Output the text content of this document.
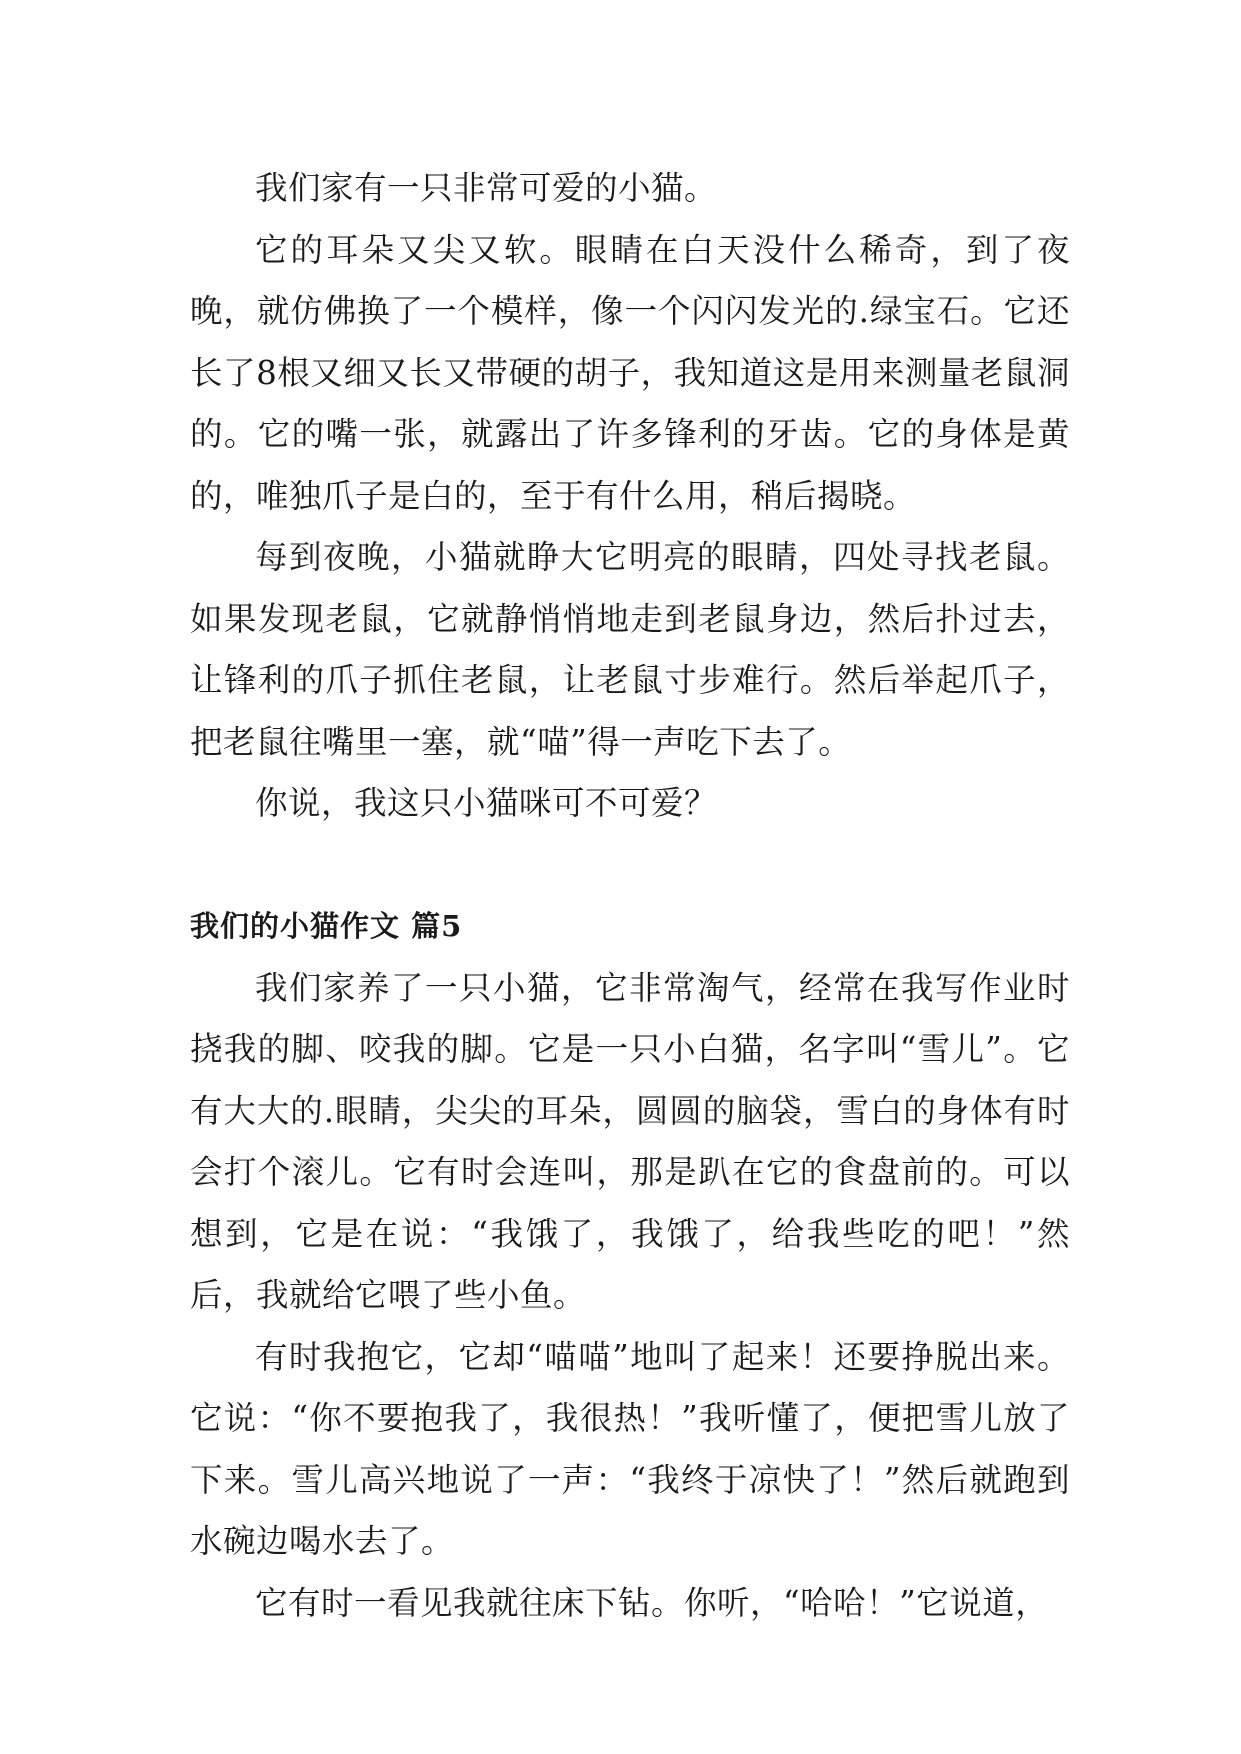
我们家有一只非常可爱的小猫。

它的耳朵又尖又软。眼睛在白天没什么稀奇，到了夜晚，就仿佛换了一个模样，像一个闪闪发光的.绿宝石。它还长了8根又细又长又带硬的胡子，我知道这是用来测量老鼠洞的。它的嘴一张，就露出了许多锋利的牙齿。它的身体是黄的，唯独爪子是白的，至于有什么用，稍后揭晓。

每到夜晚，小猫就睁大它明亮的眼睛，四处寻找老鼠。如果发现老鼠，它就静悄悄地走到老鼠身边，然后扑过去，让锋利的爪子抓住老鼠，让老鼠寸步难行。然后举起爪子，把老鼠往嘴里一塞，就“喵”得一声吃下去了。

你说，我这只小猫咪可不可爱？

我们的小猫作文 篇5

我们家养了一只小猫，它非常淘气，经常在我写作业时挠我的脚、咬我的脚。它是一只小白猫，名字叫“雪儿”。它有大大的.眼睛，尖尖的耳朵，圆圆的脑袋，雪白的身体有时会打个滚儿。它有时会连叫，那是趴在它的食盘前的。可以想到，它是在说：“我饿了，我饿了，给我些吃的吧！”然后，我就给它喂了些小鱼。

有时我抱它，它却“喵喵”地叫了起来！还要挣脱出来。它说：“你不要抱我了，我很热！”我听懂了，便把雪儿放了下来。雪儿高兴地说了一声：“我终于凉快了！”然后就跑到水碗边喝水去了。

它有时一看见我就往床下钻。你听，“哈哈！”它说道，
